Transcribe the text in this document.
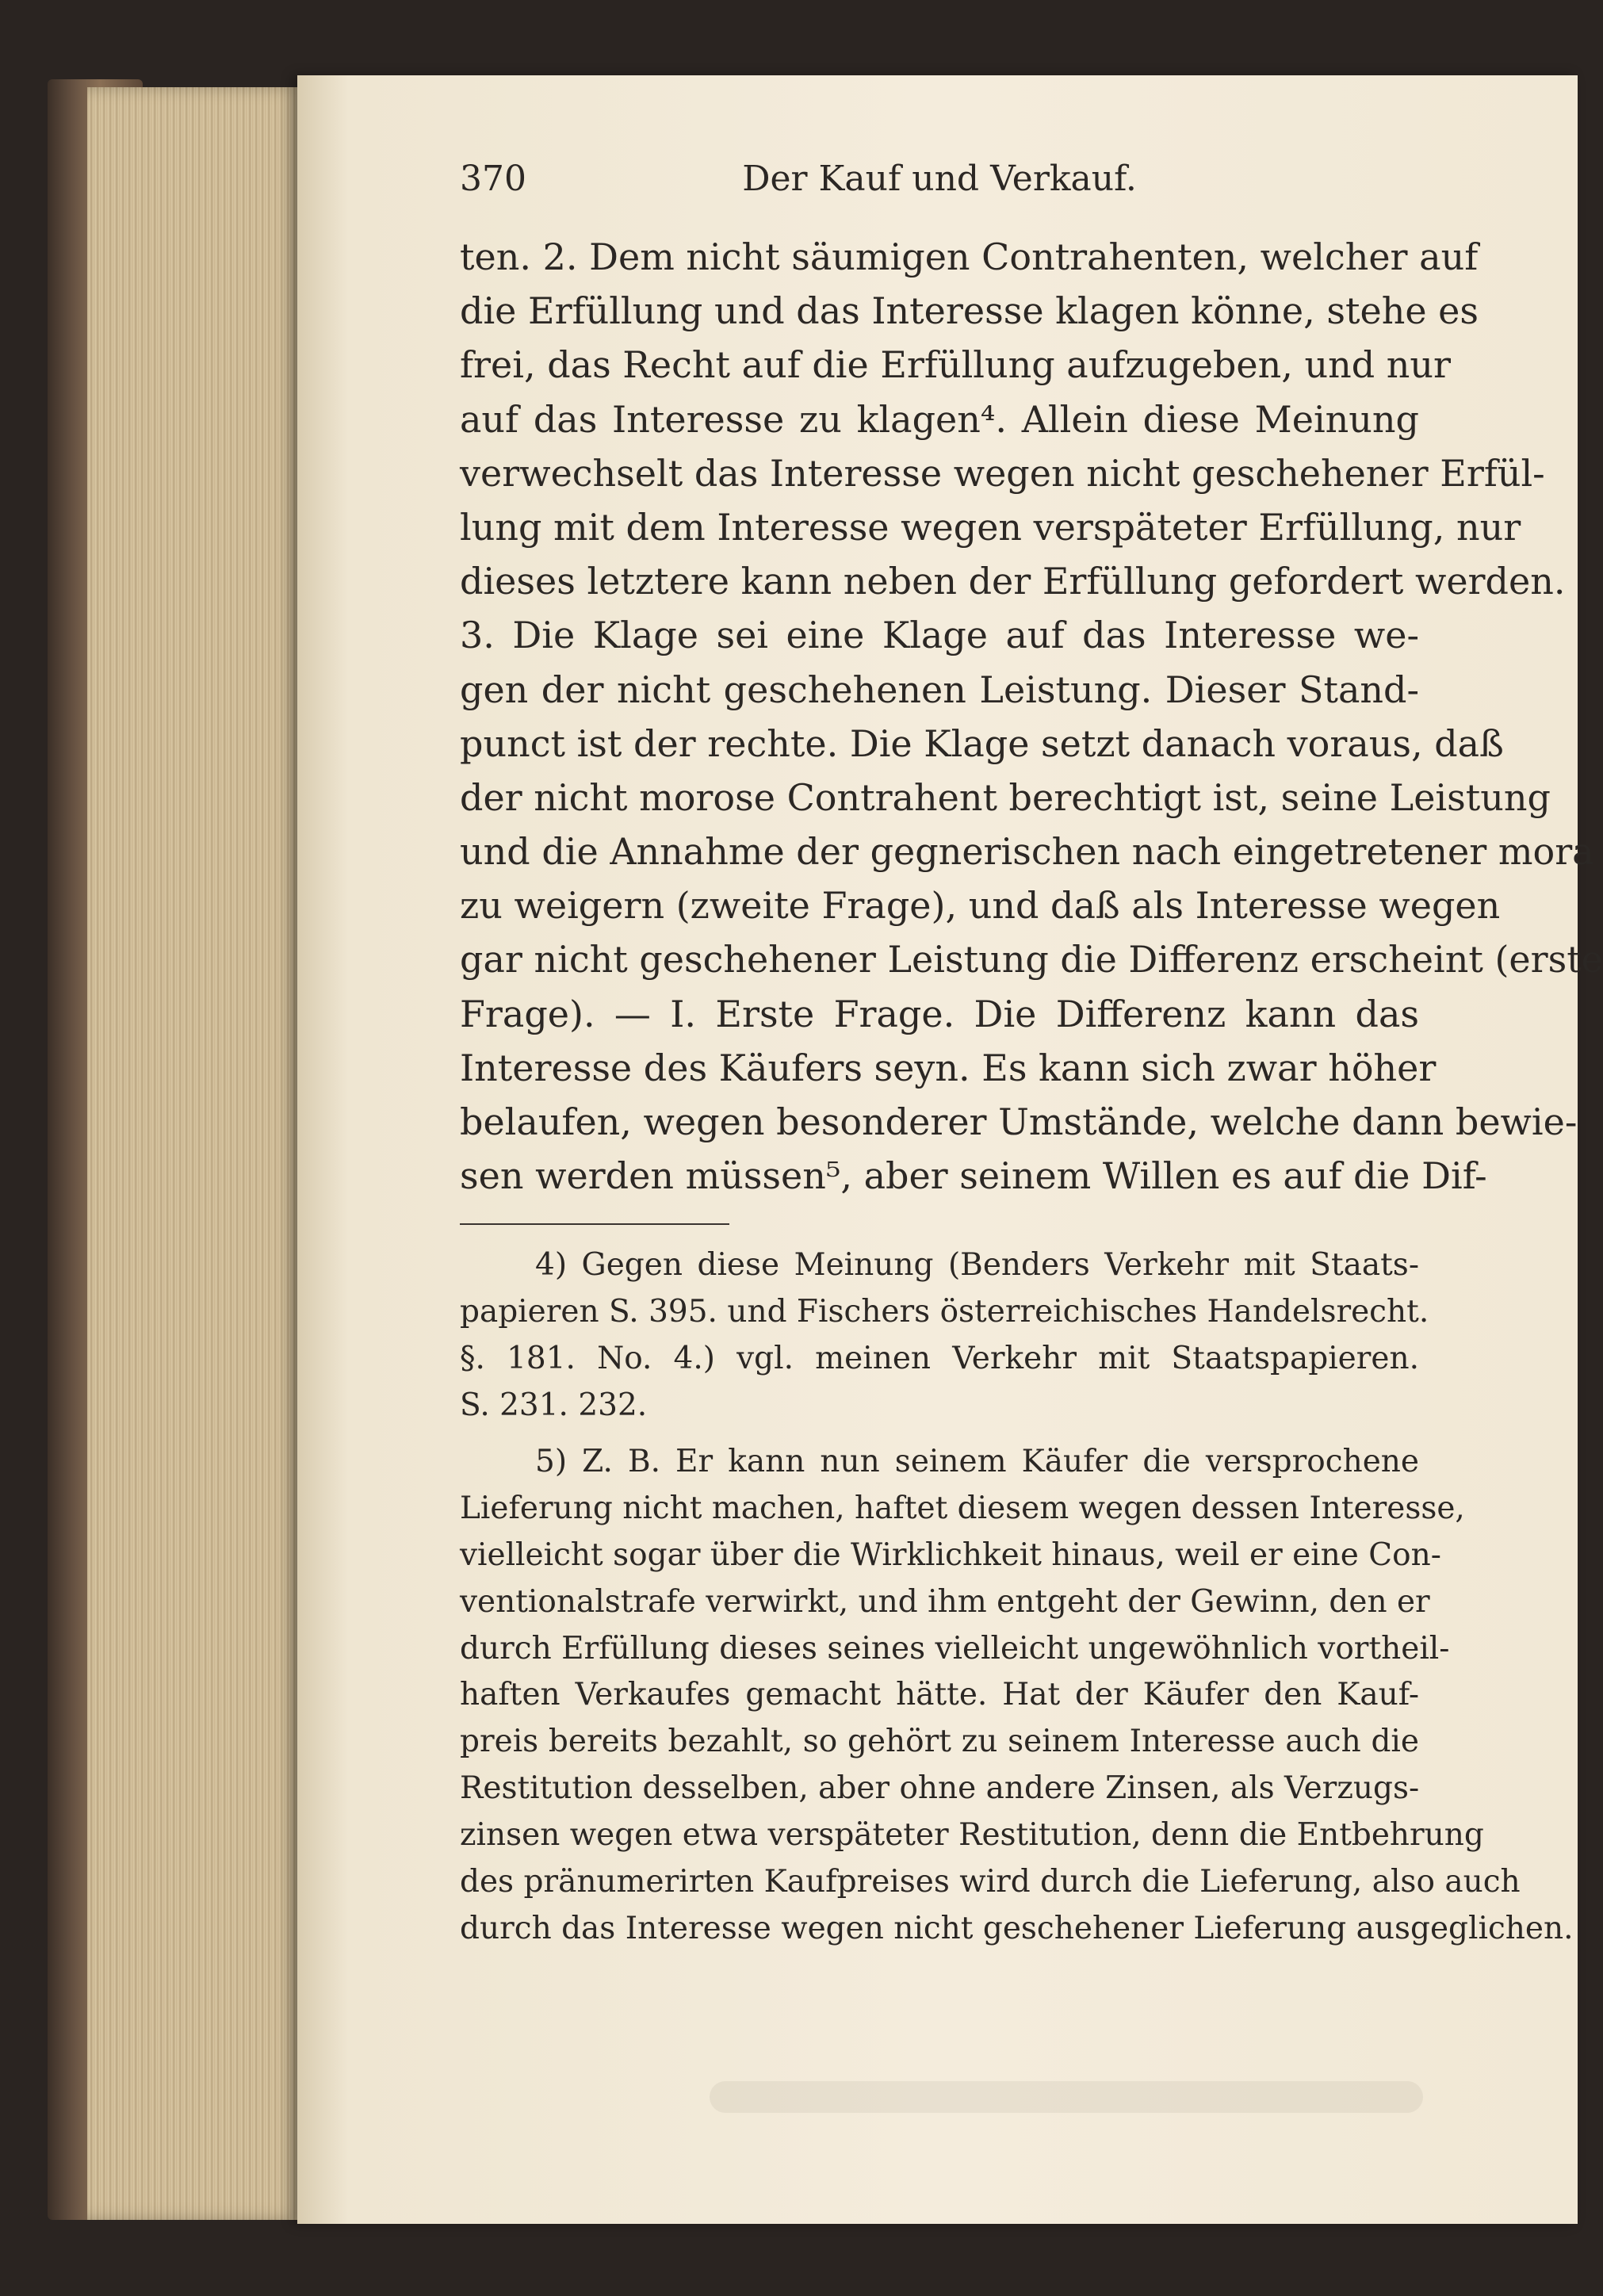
370	Der Kauf und Verkauf.
ten. 2. Dem nicht säumigen Contrahenten, welcher auf
die Erfüllung und das Interesse klagen könne, stehe es
frei, das Recht auf die Erfüllung aufzugeben, und nur
auf das Interesse zu klagen⁴. Allein diese Meinung
verwechselt das Interesse wegen nicht geschehener Erfül-
lung mit dem Interesse wegen verspäteter Erfüllung, nur
dieses letztere kann neben der Erfüllung gefordert werden.
3. Die Klage sei eine Klage auf das Interesse we-
gen der nicht geschehenen Leistung. Dieser Stand-
punct ist der rechte. Die Klage setzt danach voraus, daß
der nicht morose Contrahent berechtigt ist, seine Leistung
und die Annahme der gegnerischen nach eingetretener mora
zu weigern (zweite Frage), und daß als Interesse wegen
gar nicht geschehener Leistung die Differenz erscheint (erste
Frage). — I. Erste Frage. Die Differenz kann das
Interesse des Käufers seyn. Es kann sich zwar höher
belaufen, wegen besonderer Umstände, welche dann bewie-
sen werden müssen⁵, aber seinem Willen es auf die Dif-
4) Gegen diese Meinung (Benders Verkehr mit Staats-
papieren S. 395. und Fischers österreichisches Handelsrecht.
§. 181. No. 4.) vgl. meinen Verkehr mit Staatspapieren.
S. 231. 232.
5) Z. B. Er kann nun seinem Käufer die versprochene
Lieferung nicht machen, haftet diesem wegen dessen Interesse,
vielleicht sogar über die Wirklichkeit hinaus, weil er eine Con-
ventionalstrafe verwirkt, und ihm entgeht der Gewinn, den er
durch Erfüllung dieses seines vielleicht ungewöhnlich vortheil-
haften Verkaufes gemacht hätte. Hat der Käufer den Kauf-
preis bereits bezahlt, so gehört zu seinem Interesse auch die
Restitution desselben, aber ohne andere Zinsen, als Verzugs-
zinsen wegen etwa verspäteter Restitution, denn die Entbehrung
des pränumerirten Kaufpreises wird durch die Lieferung, also auch
durch das Interesse wegen nicht geschehener Lieferung ausgeglichen.
